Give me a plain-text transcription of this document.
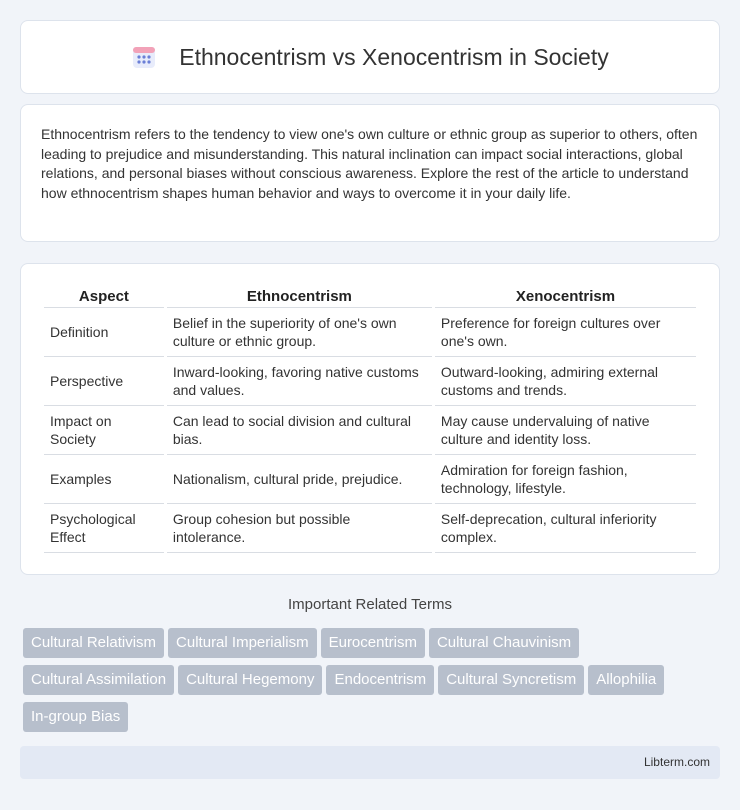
Ethnocentrism vs Xenocentrism in Society

Ethnocentrism refers to the tendency to view one's own culture or ethnic group as superior to others, often leading to prejudice and misunderstanding. This natural inclination can impact social interactions, global relations, and personal biases without conscious awareness. Explore the rest of the article to understand how ethnocentrism shapes human behavior and ways to overcome it in your daily life.

Aspect	Ethnocentrism	Xenocentrism
Definition	Belief in the superiority of one's own culture or ethnic group.	Preference for foreign cultures over one's own.
Perspective	Inward-looking, favoring native customs and values.	Outward-looking, admiring external customs and trends.
Impact on Society	Can lead to social division and cultural bias.	May cause undervaluing of native culture and identity loss.
Examples	Nationalism, cultural pride, prejudice.	Admiration for foreign fashion, technology, lifestyle.
Psychological Effect	Group cohesion but possible intolerance.	Self-deprecation, cultural inferiority complex.
Important Related Terms
Cultural Relativism Cultural Imperialism Eurocentrism Cultural Chauvinism
Cultural Assimilation Cultural Hegemony Endocentrism Cultural Syncretism Allophilia
In-group Bias
Libterm.com
